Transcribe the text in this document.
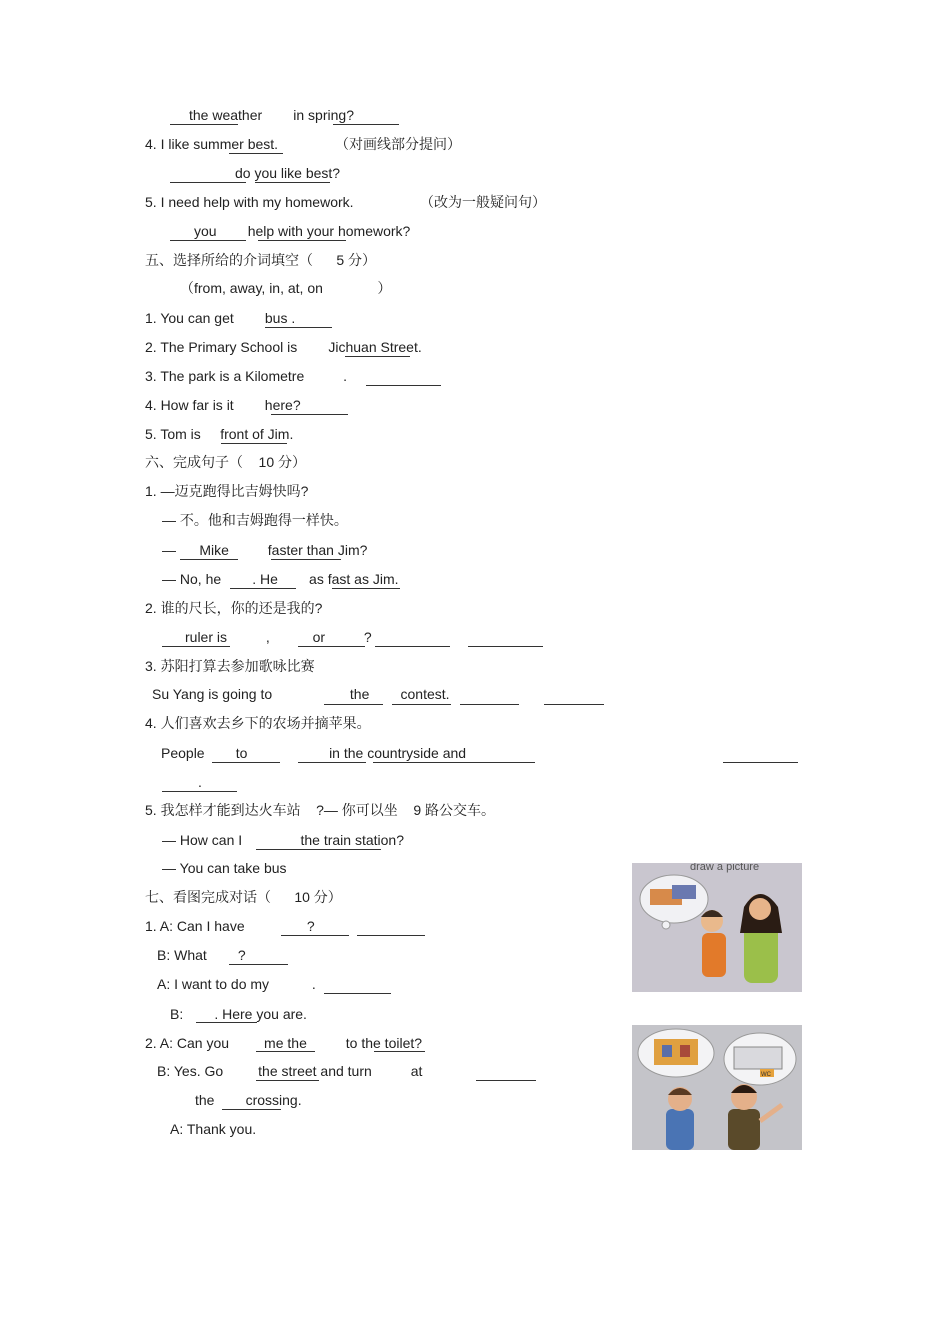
the weather        in spring?
4. I like summer best.	（对画线部分提问）
do you like best?
5. I need help with my homework.	（改为一般疑问句）
you        help with your homework?
五、选择所给的介词填空（      5 分）
（from, away, in, at, on              ）
1. You can get        bus .
2. The Primary School is        Jichuan Street.
3. The park is a Kilometre          .
4. How far is it        here?
5. Tom is     front of Jim.
六、完成句子（    10 分）
1. —迈克跑得比吉姆快吗?
— 不。他和吉姆跑得一样快。
—      Mike          faster than Jim?
— No, he        . He        as fast as Jim.
2. 谁的尺长，你的还是我的?
ruler is          ,           or          ?
3. 苏阳打算去参加歌咏比赛
Su Yang is going to                    the        contest.
4. 人们喜欢去乡下的农场并摘苹果。
People        to                     in the countryside and
.
5. 我怎样才能到达火车站    ?— 你可以坐    9 路公交车。
— How can I               the train station?
— You can take bus
七、看图完成对话（      10 分）
1. A: Can I have                ?
B: What        ?
A: I want to do my           .
B:        . Here you are.
2. A: Can you         me the          to the toilet?
B: Yes. Go         the street and turn          at
the        crossing.
A: Thank you.
draw a picture
WC
